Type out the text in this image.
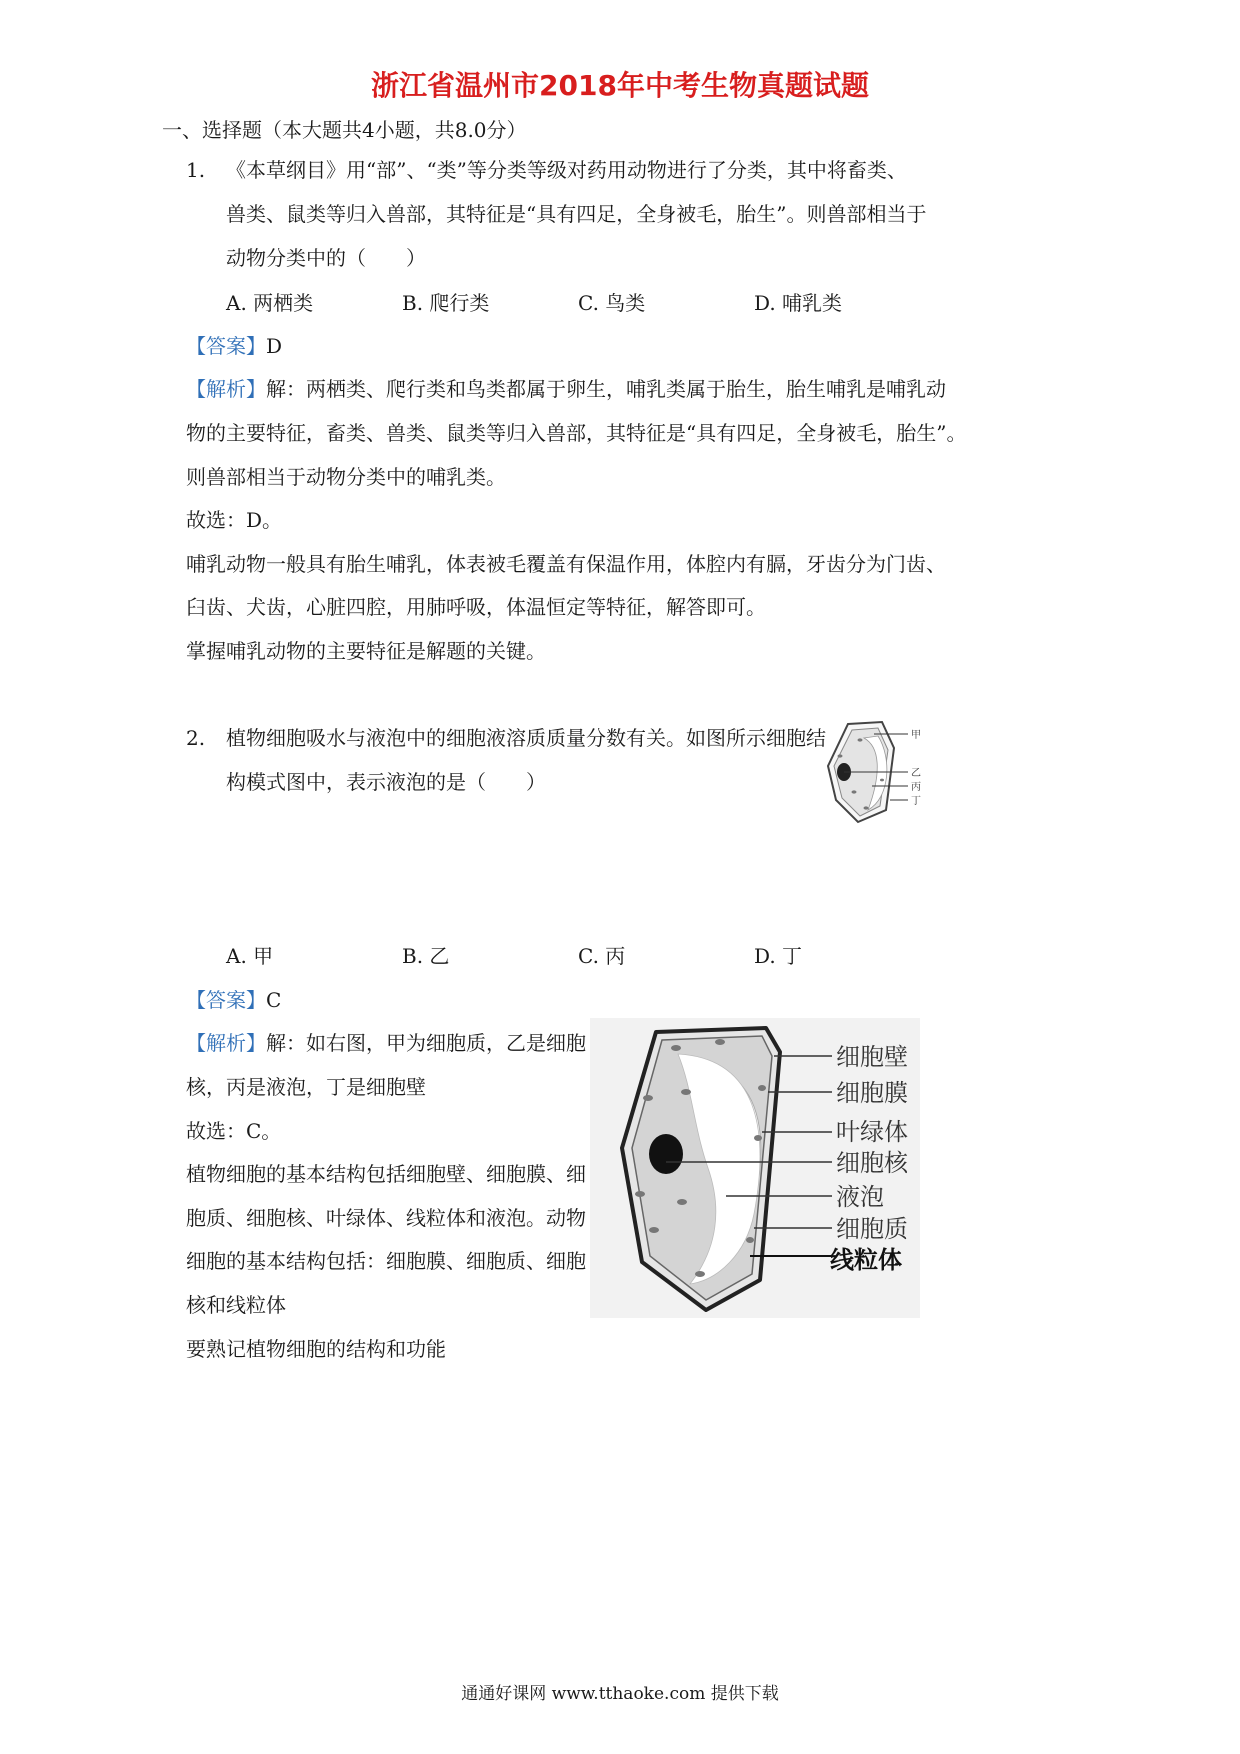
浙江省温州市2018年中考生物真题试题
一、选择题（本大题共4小题，共8.0分）
1. 《本草纲目》用“部”、“类”等分类等级对药用动物进行了分类，其中将畜类、
兽类、鼠类等归入兽部，其特征是“具有四足，全身被毛，胎生”。则兽部相当于
动物分类中的（　　）
A. 两栖类	B. 爬行类	C. 鸟类	D. 哺乳类
【答案】D
【解析】解：两栖类、爬行类和鸟类都属于卵生，哺乳类属于胎生，胎生哺乳是哺乳动
物的主要特征，畜类、兽类、鼠类等归入兽部，其特征是“具有四足，全身被毛，胎生”。
则兽部相当于动物分类中的哺乳类。
故选：D。
哺乳动物一般具有胎生哺乳，体表被毛覆盖有保温作用，体腔内有膈，牙齿分为门齿、
臼齿、犬齿，心脏四腔，用肺呼吸，体温恒定等特征，解答即可。
掌握哺乳动物的主要特征是解题的关键。
2. 植物细胞吸水与液泡中的细胞液溶质质量分数有关。如图所示细胞结
构模式图中，表示液泡的是（　　）
甲
乙
丙
丁
A. 甲	B. 乙	C. 丙	D. 丁
【答案】C
【解析】解：如右图，甲为细胞质，乙是细胞
核，丙是液泡，丁是细胞壁
故选：C。
植物细胞的基本结构包括细胞壁、细胞膜、细
胞质、细胞核、叶绿体、线粒体和液泡。动物
细胞的基本结构包括：细胞膜、细胞质、细胞
核和线粒体
要熟记植物细胞的结构和功能
细胞壁
细胞膜
叶绿体
细胞核
液泡
细胞质
线粒体
通通好课网 www.tthaoke.com 提供下载
